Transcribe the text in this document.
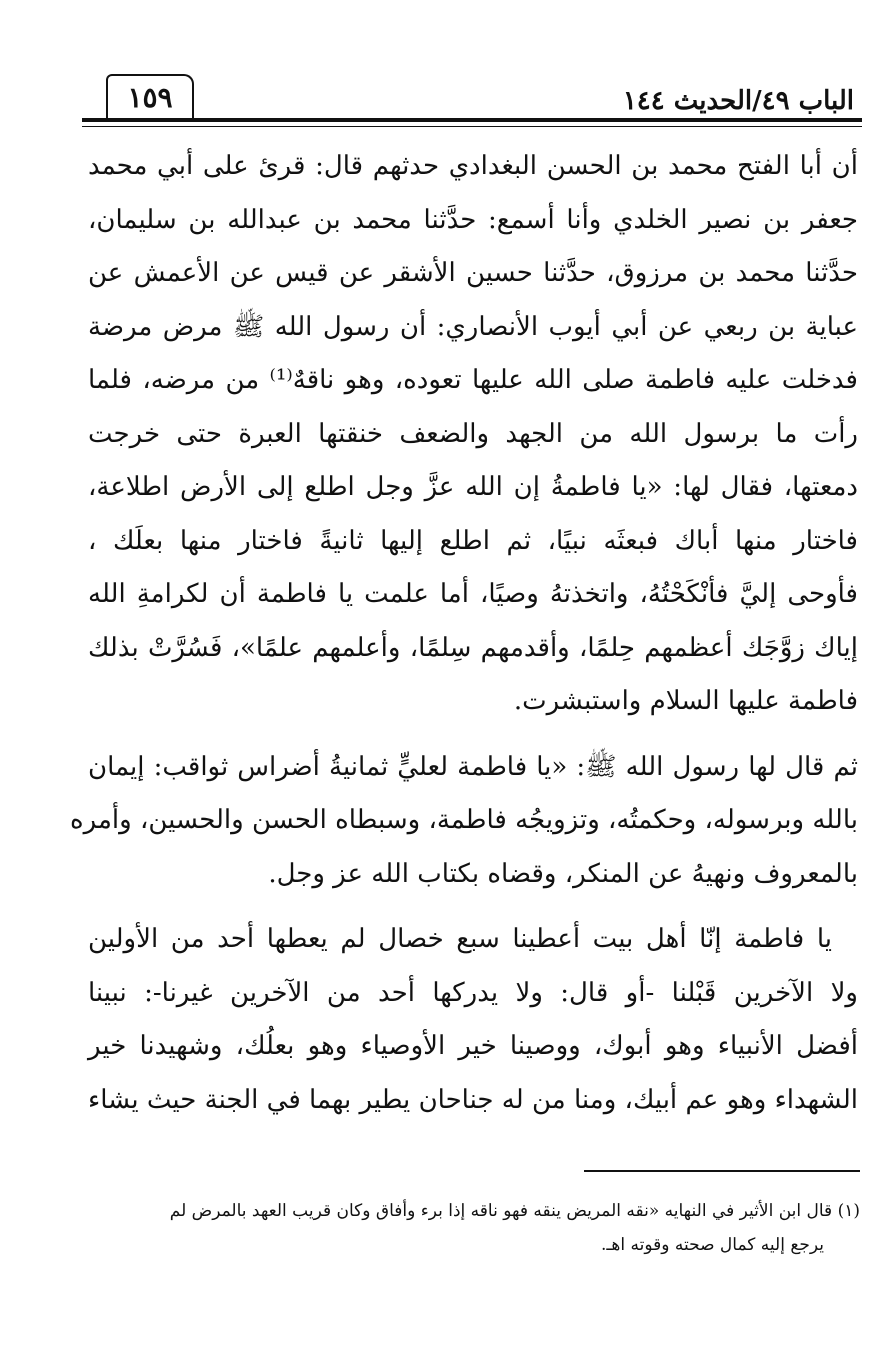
الباب ٤٩/الحديث ١٤٤
١٥٩

أن أبا الفتح محمد بن الحسن البغدادي حدثهم قال: قرئ على أبي محمد
جعفر بن نصير الخلدي وأنا أسمع: حدَّثنا محمد بن عبدالله بن سليمان،
حدَّثنا محمد بن مرزوق، حدَّثنا حسين الأشقر عن قيس عن الأعمش عن
عباية بن ربعي عن أبي أيوب الأنصاري: أن رسول الله ﷺ مرض مرضة
فدخلت عليه فاطمة صلى الله عليها تعوده، وهو ناقهٌ⁽¹⁾ من مرضه، فلما
رأت ما برسول الله من الجهد والضعف خنقتها العبرة حتى خرجت
دمعتها، فقال لها: «يا فاطمةُ إن الله عزَّ وجل اطلع إلى الأرض اطلاعة،
فاختار منها أباك فبعثَه نبيًا، ثم اطلع إليها ثانيةً فاختار منها بعلَك ،
فأوحى إليَّ فأنْكَحْتُهُ، واتخذتهُ وصيًا، أما علمت يا فاطمة أن لكرامةِ الله
إياك زوَّجَك أعظمهم حِلمًا، وأقدمهم سِلمًا، وأعلمهم علمًا»، فَسُرَّتْ بذلك
فاطمة عليها السلام واستبشرت.

ثم قال لها رسول الله ﷺ: «يا فاطمة لعليٍّ ثمانيةُ أضراس ثواقب: إيمان
بالله وبرسوله، وحكمتُه، وتزويجُه فاطمة، وسبطاه الحسن والحسين، وأمره
بالمعروف ونهيهُ عن المنكر، وقضاه بكتاب الله عز وجل.

يا فاطمة إنّا أهل بيت أعطينا سبع خصال لم يعطها أحد من الأولين
ولا الآخرين قَبْلنا -أو قال: ولا يدركها أحد من الآخرين غيرنا-: نبينا
أفضل الأنبياء وهو أبوك، ووصينا خير الأوصياء وهو بعلُك، وشهيدنا خير
الشهداء وهو عم أبيك، ومنا من له جناحان يطير بهما في الجنة حيث يشاء

(١) قال ابن الأثير في النهايه «نقه المريض ينقه فهو ناقه إذا برء وأفاق وكان قريب العهد بالمرض لم
يرجع إليه كمال صحته وقوته اهـ.
